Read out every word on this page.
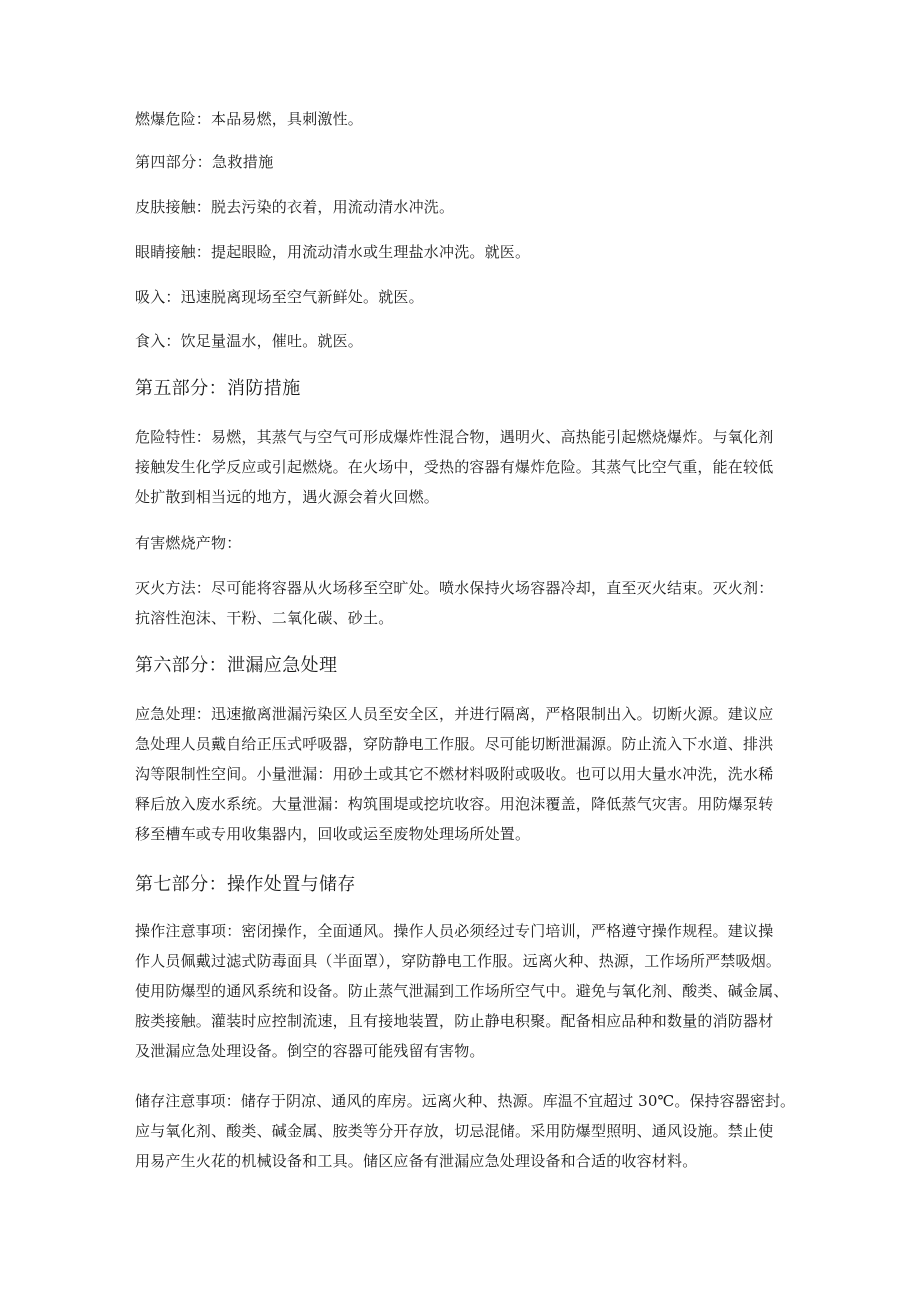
燃爆危险：本品易燃，具刺激性。

第四部分：急救措施

皮肤接触：脱去污染的衣着，用流动清水冲洗。

眼睛接触：提起眼睑，用流动清水或生理盐水冲洗。就医。

吸入：迅速脱离现场至空气新鲜处。就医。

食入：饮足量温水，催吐。就医。

第五部分：消防措施

危险特性：易燃，其蒸气与空气可形成爆炸性混合物，遇明火、高热能引起燃烧爆炸。与氧化剂
接触发生化学反应或引起燃烧。在火场中，受热的容器有爆炸危险。其蒸气比空气重，能在较低
处扩散到相当远的地方，遇火源会着火回燃。

有害燃烧产物：

灭火方法：尽可能将容器从火场移至空旷处。喷水保持火场容器冷却，直至灭火结束。灭火剂：
抗溶性泡沫、干粉、二氧化碳、砂土。

第六部分：泄漏应急处理

应急处理：迅速撤离泄漏污染区人员至安全区，并进行隔离，严格限制出入。切断火源。建议应
急处理人员戴自给正压式呼吸器，穿防静电工作服。尽可能切断泄漏源。防止流入下水道、排洪
沟等限制性空间。小量泄漏：用砂土或其它不燃材料吸附或吸收。也可以用大量水冲洗，洗水稀
释后放入废水系统。大量泄漏：构筑围堤或挖坑收容。用泡沫覆盖，降低蒸气灾害。用防爆泵转
移至槽车或专用收集器内，回收或运至废物处理场所处置。

第七部分：操作处置与储存

操作注意事项：密闭操作，全面通风。操作人员必须经过专门培训，严格遵守操作规程。建议操
作人员佩戴过滤式防毒面具（半面罩），穿防静电工作服。远离火种、热源，工作场所严禁吸烟。
使用防爆型的通风系统和设备。防止蒸气泄漏到工作场所空气中。避免与氧化剂、酸类、碱金属、
胺类接触。灌装时应控制流速，且有接地装置，防止静电积聚。配备相应品种和数量的消防器材
及泄漏应急处理设备。倒空的容器可能残留有害物。
储存注意事项：储存于阴凉、通风的库房。远离火种、热源。库温不宜超过 30℃。保持容器密封。
应与氧化剂、酸类、碱金属、胺类等分开存放，切忌混储。采用防爆型照明、通风设施。禁止使
用易产生火花的机械设备和工具。储区应备有泄漏应急处理设备和合适的收容材料。
